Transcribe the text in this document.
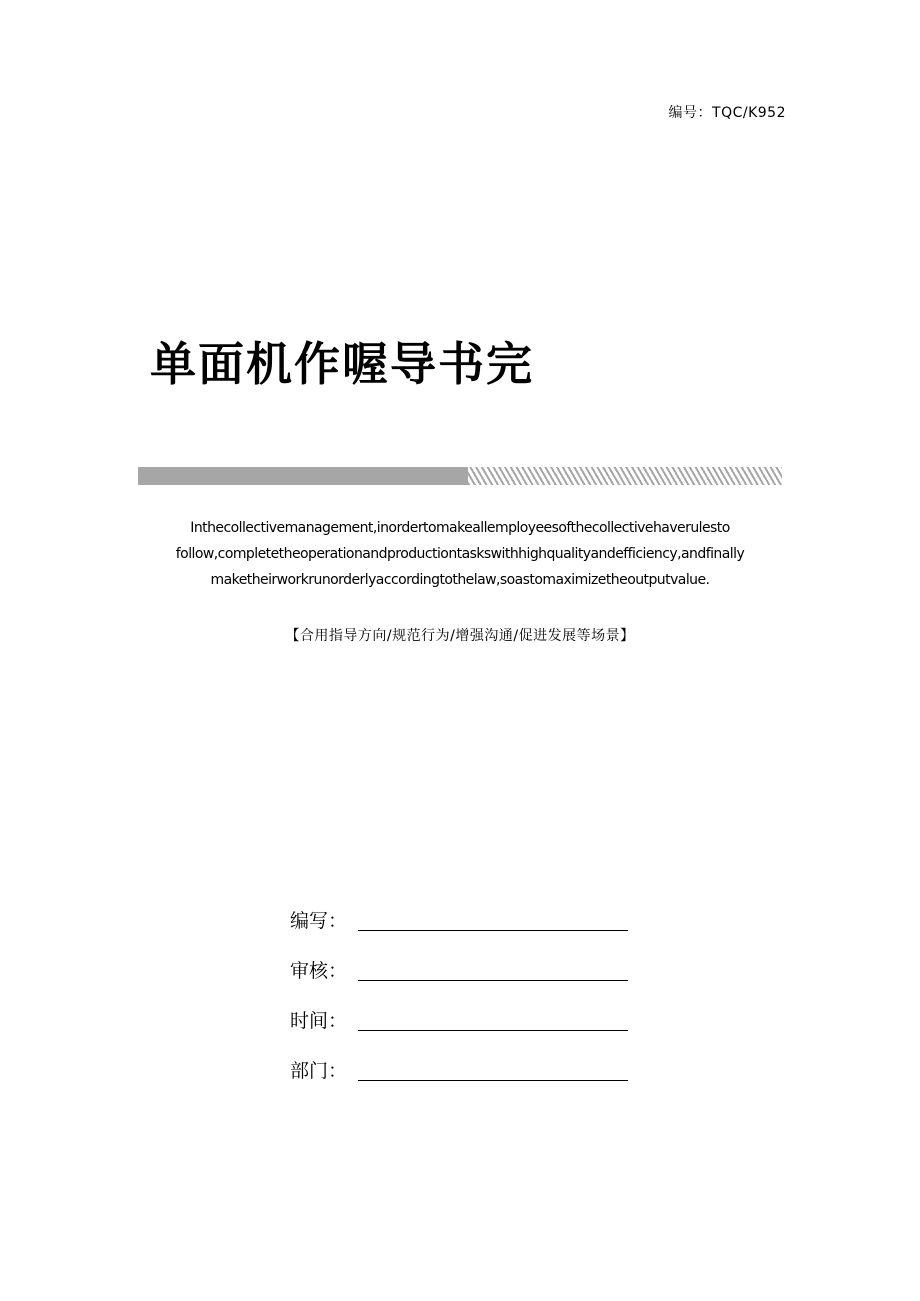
编号：TQC/K952
单面机作喔导书完
Inthecollectivemanagement,inordertomakeallemployeesofthecollectivehaverulesto
follow,completetheoperationandproductiontaskswithhighqualityandefficiency,andfinally
maketheirworkrunorderlyaccordingtothelaw,soastomaximizetheoutputvalue.
【合用指导方向/规范行为/增强沟通/促进发展等场景】
编写：
审核：
时间：
部门：
